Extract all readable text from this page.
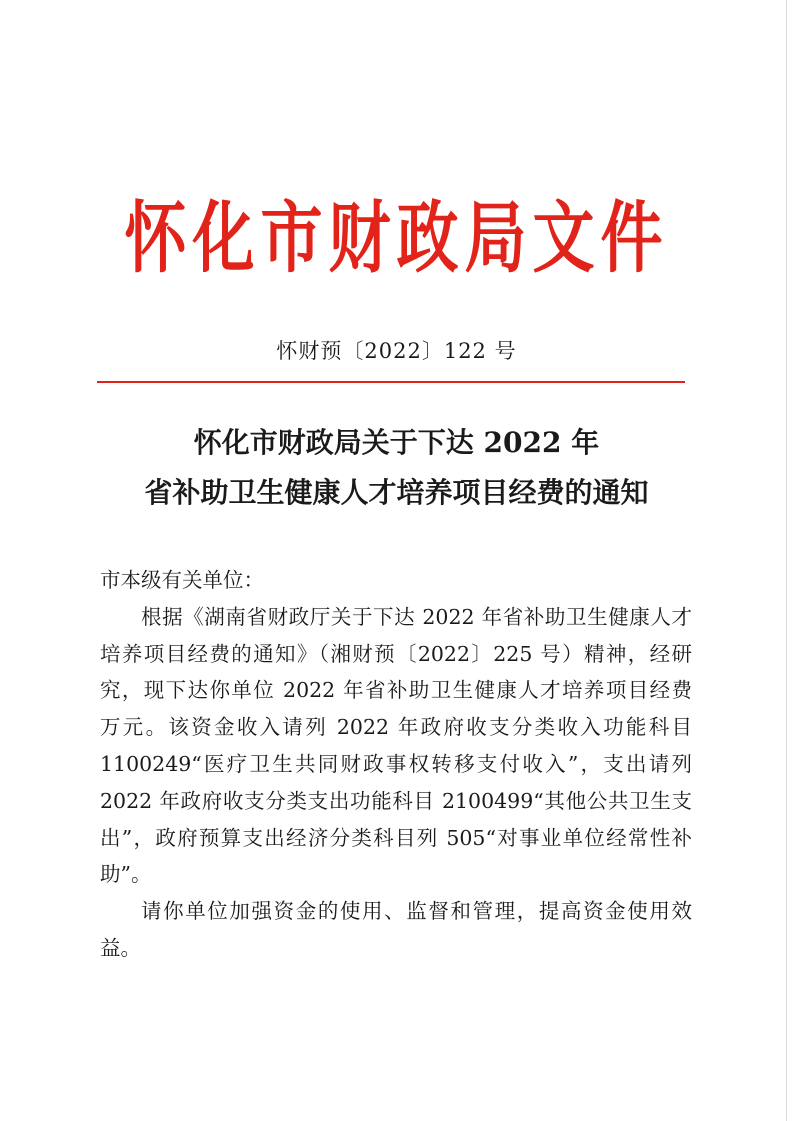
怀化市财政局文件
怀财预〔2022〕122 号
怀化市财政局关于下达 2022 年
省补助卫生健康人才培养项目经费的通知
市本级有关单位：
根据《湖南省财政厅关于下达 2022 年省补助卫生健康人才
培养项目经费的通知》（湘财预〔2022〕225 号）精神，经研
究，现下达你单位 2022 年省补助卫生健康人才培养项目经费
万元。该资金收入请列 2022 年政府收支分类收入功能科目
1100249“医疗卫生共同财政事权转移支付收入”，支出请列
2022 年政府收支分类支出功能科目 2100499“其他公共卫生支
出”，政府预算支出经济分类科目列 505“对事业单位经常性补
助”。
请你单位加强资金的使用、监督和管理，提高资金使用效
益。
